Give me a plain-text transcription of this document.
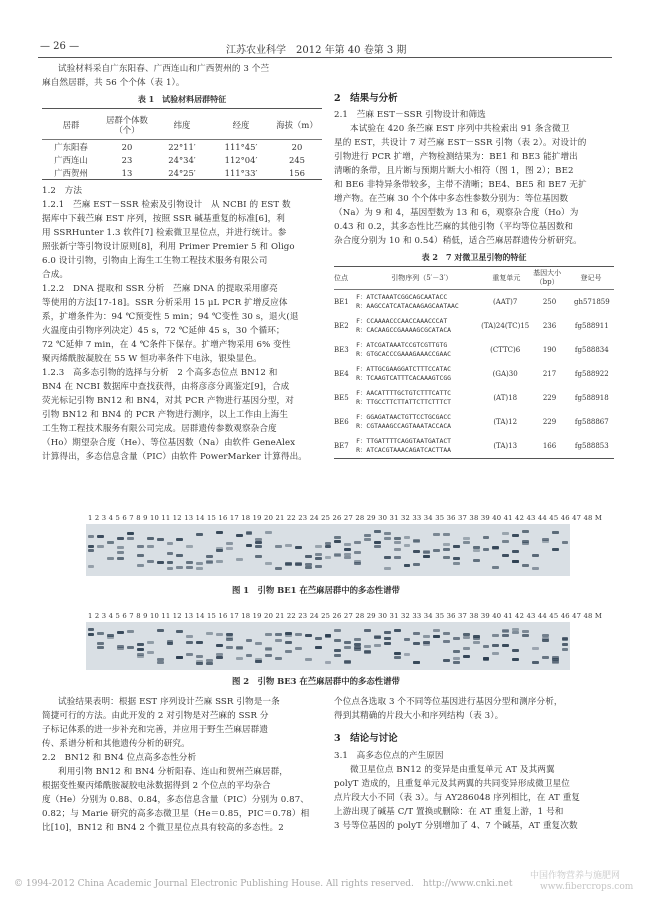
— 26 —	江苏农业科学　2012 年第 40 卷第 3 期
试验材料采自广东阳春、广西连山和广西贺州的 3 个苎
麻自然居群，共 56 个个体（表 1）。
表 1　试验材料居群特征
居群	居群个体数（个）	纬度	经度	海拔（m）

广东阳春	20	22°11′	111°45′	20
广西连山	23	24°34′	112°04′	245
广西贺州	13	24°25′	111°33′	156
1.2　方法
1.2.1　苎麻 EST－SSR 检索及引物设计　从 NCBI 的 EST 数
据库中下载苎麻 EST 序列，按照 SSR 碱基重复的标准[6]，利
用 SSRHunter 1.3 软件[7] 检索微卫星位点，并进行统计。参
照张新宁等引物设计原则[8]，利用 Primer Premier 5 和 Oligo
6.0 设计引物，引物由上海生工生物工程技术服务有限公司
合成。
1.2.2　DNA 提取和 SSR 分析　苎麻 DNA 的提取采用廖亮
等使用的方法[17-18]。SSR 分析采用 15 μL PCR 扩增反应体
系，扩增条件为：94 ℃预变性 5 min；94 ℃变性 30 s，退火(退
火温度由引物序列决定）45 s，72 ℃延伸 45 s，30 个循环；
72 ℃延伸 7 min，在 4 ℃条件下保存。扩增产物采用 6% 变性
聚丙烯酰胺凝胶在 55 W 恒功率条件下电泳，银染显色。
1.2.3　高多态引物的选择与分析　2 个高多态位点 BN12 和
BN4 在 NCBI 数据库中查找获得，由将彦彦分离鉴定[9]，合成
荧光标记引物 BN12 和 BN4，对其 PCR 产物进行基因分型，对
引物 BN12 和 BN4 的 PCR 产物进行测序，以上工作由上海生
工生物工程技术服务有限公司完成。居群遗传参数观察杂合度
（Ho）期望杂合度（He）、等位基因数（Na）由软件 GeneAlex
计算得出，多态信息含量（PIC）由软件 PowerMarker 计算得出。
2　结果与分析
2.1　苎麻 EST－SSR 引物设计和筛选
本试验在 420 条苎麻 EST 序列中共检索出 91 条含微卫
星的 EST，共设计 7 对苎麻 EST－SSR 引物（表 2）。对设计的
引物进行 PCR 扩增，产物检测结果为：BE1 和 BE3 能扩增出
清晰的条带，且片断与预期片断大小相符（图 1，图 2）；BE2
和 BE6 非特异条带较多，主带不清晰；BE4、BE5 和 BE7 无扩
增产物。在苎麻 30 个个体中多态性参数分别为：等位基因数
（Na）为 9 和 4，基因型数为 13 和 6，观察杂合度（Ho）为
0.43 和 0.2，其多态性比苎麻的其他引物（平均等位基因数和
杂合度分别为 10 和 0.54）稍低，适合苎麻居群遗传分析研究。
表 2　7 对微卫星引物的特征
位点	引物序列（5′－3′）	重复单元	基因大小（bp）	登记号

BE1	F：ATCTAAATCGGCAGCAATACC
R：AAGCCATCATACAAGAGCAATAAC	(AAT)7	250	gh571859
BE2	F：CCAAAACCCAACCAAACCCAT
R：CACAAGCCGAAAAGCGCATACA	(TA)24(TC)15	236	fg588911
BE3	F：ATCGATAAATCCGTCGTTGTG
R：GTGCACCCGAAAGAAACCGAAC	(CTTC)6	190	fg588834
BE4	F：ATTGCGAAGGATCTTTCCATAC
R：TCAAGTCATTTCACAAAGTCGG	(GA)30	217	fg588922
BE5	F：AACATTTTGCTGTCTTTCATTC
R：TTGCCTTCTTATTCTTCTTTCT	(AT)18	229	fg588918
BE6	F：GGAGATAACTGTTCCTGCGACC
R：CGTAAAGCCAGTAAATACCACA	(TA)12	229	fg588867
BE7	F：TTGATTTTCAGGTAATGATACT
R：ATCACGTAAACAGATCACTTAA	(TA)13	166	fg588853
1 2 3 4 5 6 7 8 9 10 11 12 13 14 15 16 17 18 19 20 21 22 23 24 25 26 27 28 29 30 31 32 33 34 35 36 37 38 39 40 41 42 43 44 45 46 47 48 M
图 1　引物 BE1 在苎麻居群中的多态性谱带
1 2 3 4 5 6 7 8 9 10 11 12 13 14 15 16 17 18 19 20 21 22 23 24 25 26 27 28 29 30 31 32 33 34 35 36 37 38 39 40 41 42 43 44 45 46 47 48 M
图 2　引物 BE3 在苎麻居群中的多态性谱带
试验结果表明：根据 EST 序列设计苎麻 SSR 引物是一条
简捷可行的方法。由此开发的 2 对引物是对苎麻的 SSR 分
子标记体系的进一步补充和完善，并应用于野生苎麻居群遗
传、系谱分析和其他遗传分析的研究。
2.2　BN12 和 BN4 位点高多态性分析
利用引物 BN12 和 BN4 分析阳春、连山和贺州苎麻居群，
根据变性聚丙烯酰胺凝胶电泳数据得到 2 个位点的平均杂合
度（He）分别为 0.88、0.84，多态信息含量（PIC）分别为 0.87、
0.82；与 Marie 研究的高多态微卫星（He＝0.85，PIC＝0.78）相
比[10]，BN12 和 BN4 2 个微卫星位点具有较高的多态性。2
个位点各选取 3 个不同等位基因进行基因分型和测序分析，
得到其精确的片段大小和序列结构（表 3）。
3　结论与讨论
3.1　高多态位点的产生原因
微卫星位点 BN12 的变异是由重复单元 AT 及其两翼
polyT 造成的，且重复单元及其两翼的共同变异形成微卫星位
点片段大小不同（表 3）。与 AY286048 序列相比，在 AT 重复
上游出现了碱基 C/T 置换或删除：在 AT 重复上游，1 号和
3 号等位基因的 polyT 分别增加了 4、7 个碱基，AT 重复次数
© 1994-2012 China Academic Journal Electronic Publishing House. All rights reserved.　http://www.cnki.net
中国作物营养与施肥网
www.fibercrops.com
